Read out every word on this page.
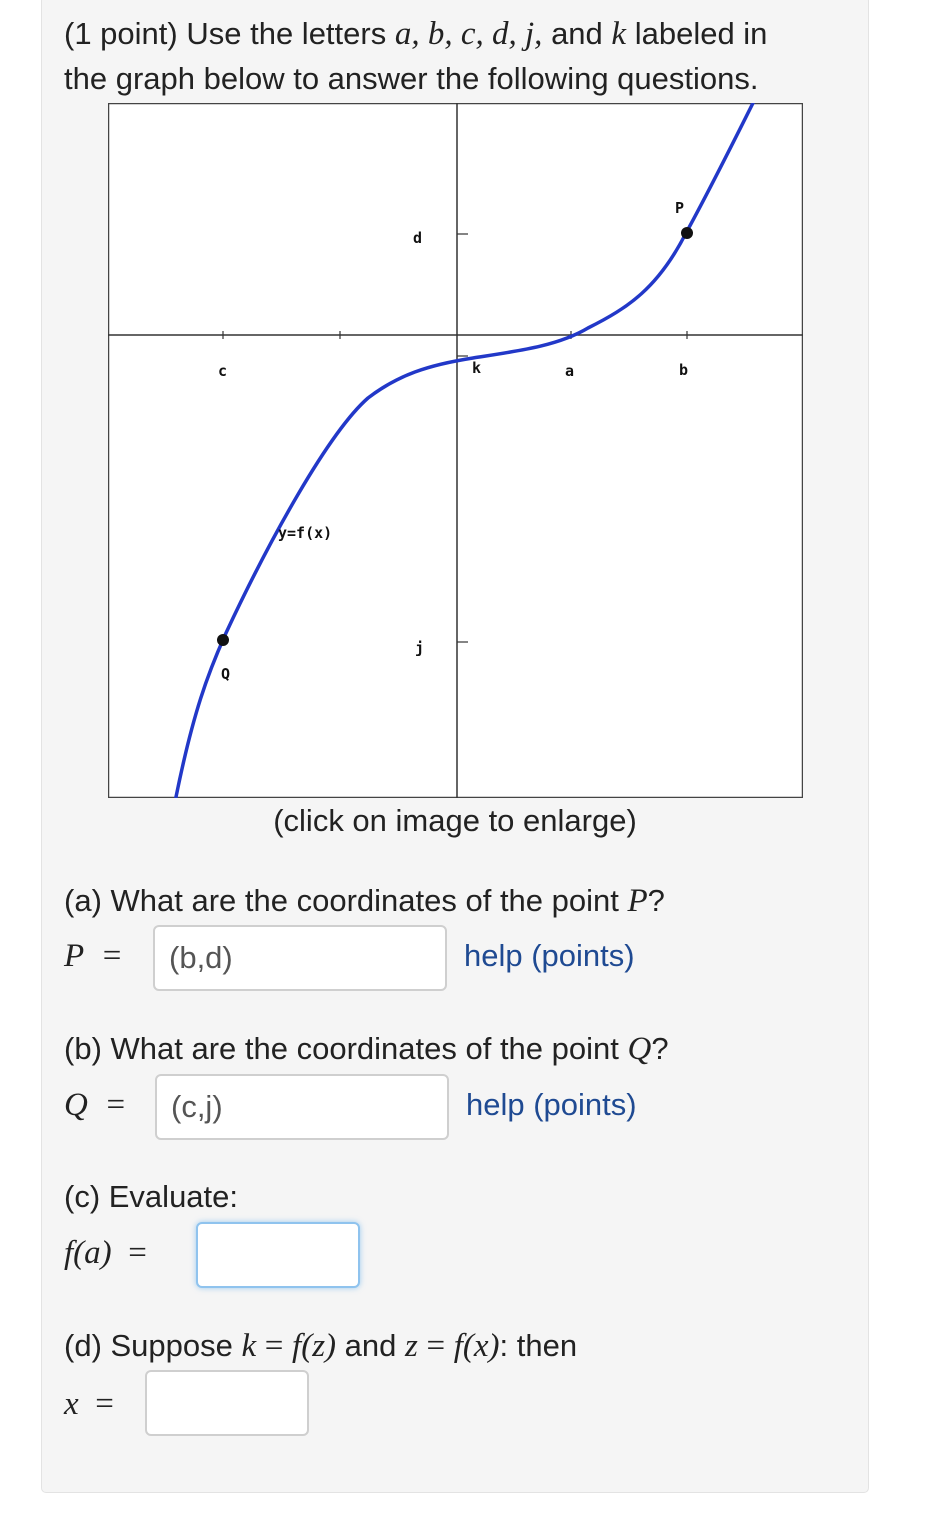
(1 point) Use the letters a, b, c, d, j, and k labeled in
the graph below to answer the following questions.
c
d
j
k	a	b
P
Q
y=f(x)
(click on image to enlarge)
(a) What are the coordinates of the point P?
P =
(b,d)	help (points)
(b) What are the coordinates of the point Q?
Q =
(c,j)	help (points)
(c) Evaluate:
f(a) =
(d) Suppose k = f(z) and z = f(x): then
x =
